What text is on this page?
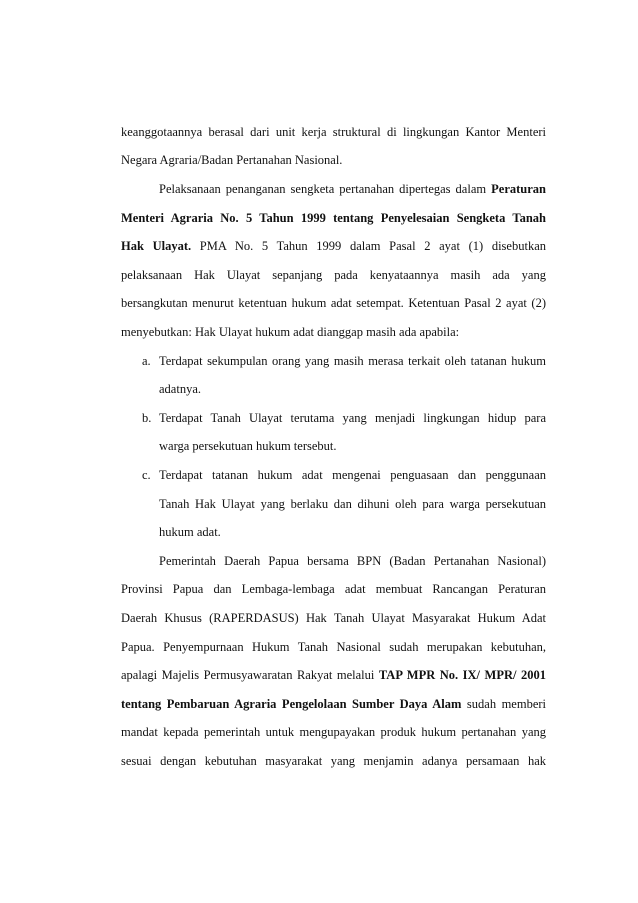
keanggotaannya berasal dari unit kerja struktural di lingkungan Kantor Menteri
Negara Agraria/Badan Pertanahan Nasional.
Pelaksanaan penanganan sengketa pertanahan dipertegas dalam Peraturan
Menteri Agraria No. 5 Tahun 1999 tentang Penyelesaian Sengketa Tanah
Hak Ulayat. PMA No. 5 Tahun 1999 dalam Pasal 2 ayat (1) disebutkan
pelaksanaan Hak Ulayat sepanjang pada kenyataannya masih ada yang
bersangkutan menurut ketentuan hukum adat setempat. Ketentuan Pasal 2 ayat (2)
menyebutkan: Hak Ulayat hukum adat dianggap masih ada apabila:
a. Terdapat sekumpulan orang yang masih merasa terkait oleh tatanan hukum
adatnya.
b. Terdapat Tanah Ulayat terutama yang menjadi lingkungan hidup para
warga persekutuan hukum tersebut.
c. Terdapat tatanan hukum adat mengenai penguasaan dan penggunaan
Tanah Hak Ulayat yang berlaku dan dihuni oleh para warga persekutuan
hukum adat.
Pemerintah Daerah Papua bersama BPN (Badan Pertanahan Nasional)
Provinsi Papua dan Lembaga-lembaga adat membuat Rancangan Peraturan
Daerah Khusus (RAPERDASUS) Hak Tanah Ulayat Masyarakat Hukum Adat
Papua. Penyempurnaan Hukum Tanah Nasional sudah merupakan kebutuhan,
apalagi Majelis Permusyawaratan Rakyat melalui TAP MPR No. IX/ MPR/ 2001
tentang Pembaruan Agraria Pengelolaan Sumber Daya Alam sudah memberi
mandat kepada pemerintah untuk mengupayakan produk hukum pertanahan yang
sesuai dengan kebutuhan masyarakat yang menjamin adanya persamaan hak
